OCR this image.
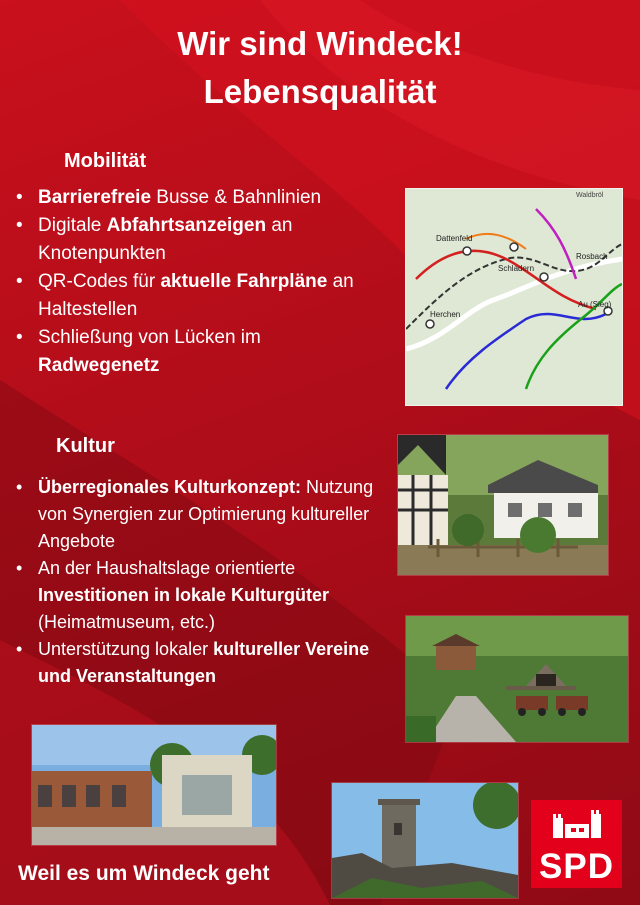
Wir sind Windeck!
Lebensqualität
Mobilität
• Barrierefreie Busse & Bahnlinien
• Digitale Abfahrtsanzeigen an Knotenpunkten
• QR-Codes für aktuelle Fahrpläne an Haltestellen
• Schließung von Lücken im Radwegenetz
Dattenfeld
Schladern
Rosbach
Herchen
Au (Sieg)
Waldbröl
Kultur
• Überregionales Kulturkonzept: Nutzung von Synergien zur Optimierung kultureller Angebote
• An der Haushaltslage orientierte Investitionen in lokale Kulturgüter (Heimatmuseum, etc.)
• Unterstützung lokaler kultureller Vereine und Veranstaltungen
Weil es um Windeck geht	SPD
